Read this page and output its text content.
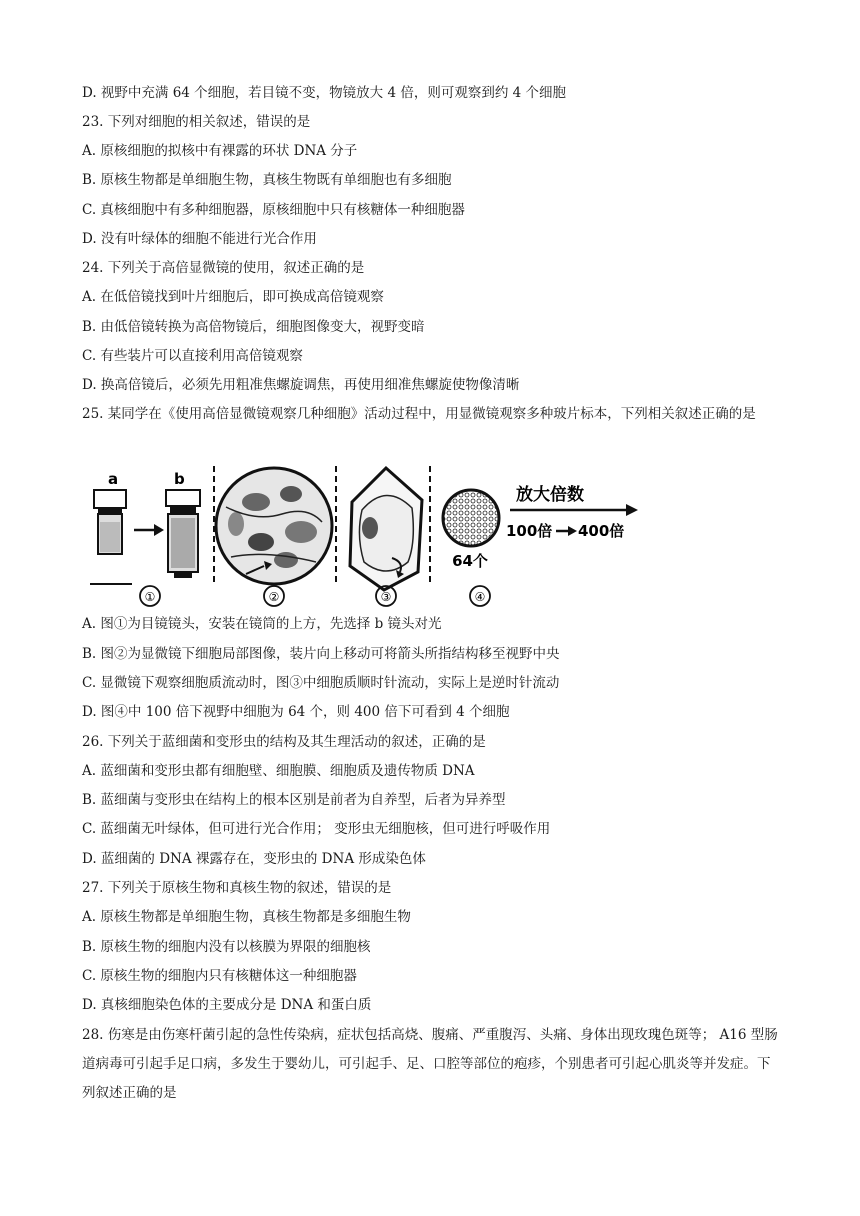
D. 视野中充满 64 个细胞，若目镜不变，物镜放大 4 倍，则可观察到约 4 个细胞
23. 下列对细胞的相关叙述，错误的是
A. 原核细胞的拟核中有裸露的环状 DNA 分子
B. 原核生物都是单细胞生物，真核生物既有单细胞也有多细胞
C. 真核细胞中有多种细胞器，原核细胞中只有核糖体一种细胞器
D. 没有叶绿体的细胞不能进行光合作用
24. 下列关于高倍显微镜的使用，叙述正确的是
A. 在低倍镜找到叶片细胞后，即可换成高倍镜观察
B. 由低倍镜转换为高倍物镜后，细胞图像变大，视野变暗
C. 有些装片可以直接利用高倍镜观察
D. 换高倍镜后，必须先用粗准焦螺旋调焦，再使用细准焦螺旋使物像清晰
25. 某同学在《使用高倍显微镜观察几种细胞》活动过程中，用显微镜观察多种玻片标本，下列相关叙述正确的是
a	b
①	②	③
64个
放大倍数
100倍 400倍
④
A. 图①为目镜镜头，安装在镜筒的上方，先选择 b 镜头对光
B. 图②为显微镜下细胞局部图像，装片向上移动可将箭头所指结构移至视野中央
C. 显微镜下观察细胞质流动时，图③中细胞质顺时针流动，实际上是逆时针流动
D. 图④中 100 倍下视野中细胞为 64 个，则 400 倍下可看到 4 个细胞
26. 下列关于蓝细菌和变形虫的结构及其生理活动的叙述，正确的是
A. 蓝细菌和变形虫都有细胞壁、细胞膜、细胞质及遗传物质 DNA
B. 蓝细菌与变形虫在结构上的根本区别是前者为自养型，后者为异养型
C. 蓝细菌无叶绿体，但可进行光合作用； 变形虫无细胞核，但可进行呼吸作用
D. 蓝细菌的 DNA 裸露存在，变形虫的 DNA 形成染色体
27. 下列关于原核生物和真核生物的叙述，错误的是
A. 原核生物都是单细胞生物，真核生物都是多细胞生物
B. 原核生物的细胞内没有以核膜为界限的细胞核
C. 原核生物的细胞内只有核糖体这一种细胞器
D. 真核细胞染色体的主要成分是 DNA 和蛋白质
28. 伤寒是由伤寒杆菌引起的急性传染病，症状包括高烧、腹痛、严重腹泻、头痛、身体出现玫瑰色斑等； A16 型肠道病毒可引起手足口病，多发生于婴幼儿，可引起手、足、口腔等部位的疱疹，个别患者可引起心肌炎等并发症。下列叙述正确的是
